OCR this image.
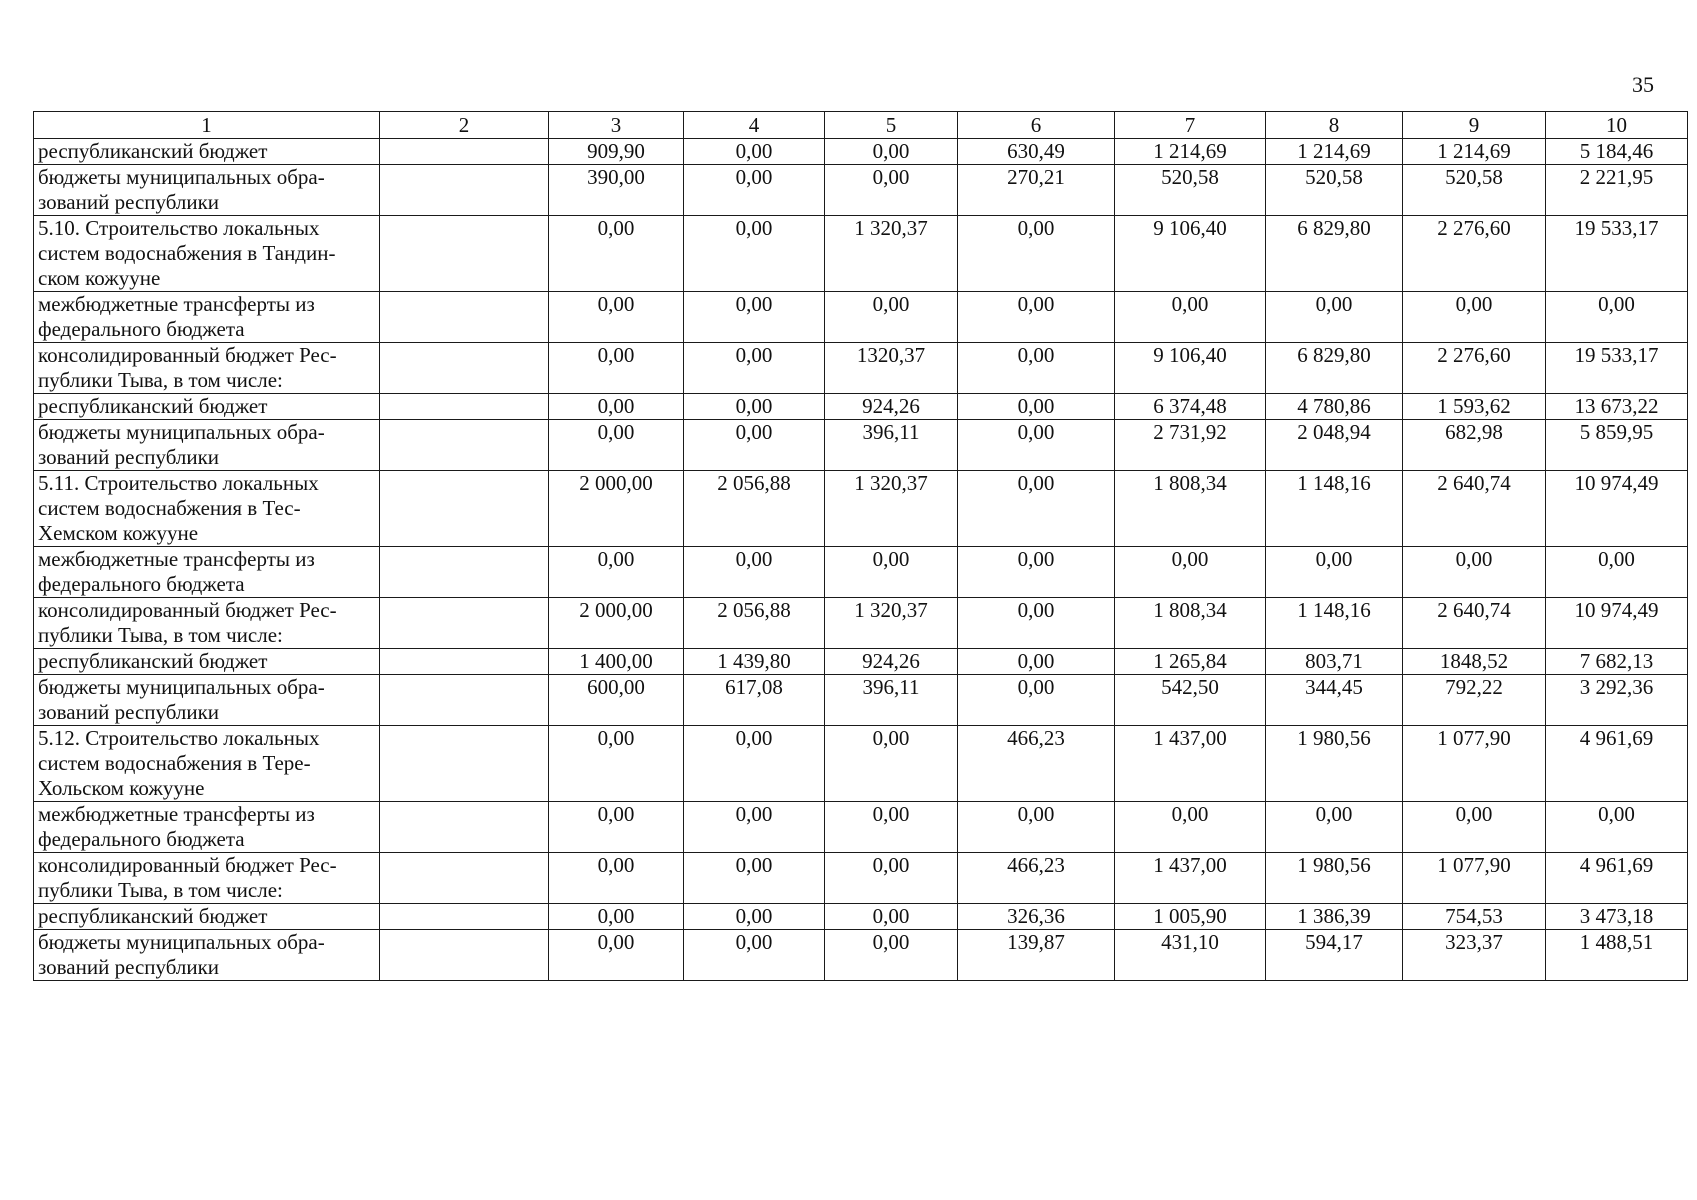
35
1	2	3	4	5	6	7	8	9	10
республиканский бюджет		909,90	0,00	0,00	630,49	1 214,69	1 214,69	1 214,69	5 184,46
бюджеты муниципальных обра-зований республики		390,00	0,00	0,00	270,21	520,58	520,58	520,58	2 221,95
5.10. Строительство локальных систем водоснабжения в Тандин-ском кожууне		0,00	0,00	1 320,37	0,00	9 106,40	6 829,80	2 276,60	19 533,17
межбюджетные трансферты из федерального бюджета		0,00	0,00	0,00	0,00	0,00	0,00	0,00	0,00
консолидированный бюджет Рес-публики Тыва, в том числе:		0,00	0,00	1320,37	0,00	9 106,40	6 829,80	2 276,60	19 533,17
республиканский бюджет		0,00	0,00	924,26	0,00	6 374,48	4 780,86	1 593,62	13 673,22
бюджеты муниципальных обра-зований республики		0,00	0,00	396,11	0,00	2 731,92	2 048,94	682,98	5 859,95
5.11. Строительство локальных систем водоснабжения в Тес-Хемском кожууне		2 000,00	2 056,88	1 320,37	0,00	1 808,34	1 148,16	2 640,74	10 974,49
межбюджетные трансферты из федерального бюджета		0,00	0,00	0,00	0,00	0,00	0,00	0,00	0,00
консолидированный бюджет Рес-публики Тыва, в том числе:		2 000,00	2 056,88	1 320,37	0,00	1 808,34	1 148,16	2 640,74	10 974,49
республиканский бюджет		1 400,00	1 439,80	924,26	0,00	1 265,84	803,71	1848,52	7 682,13
бюджеты муниципальных обра-зований республики		600,00	617,08	396,11	0,00	542,50	344,45	792,22	3 292,36
5.12. Строительство локальных систем водоснабжения в Тере-Хольском кожууне		0,00	0,00	0,00	466,23	1 437,00	1 980,56	1 077,90	4 961,69
межбюджетные трансферты из федерального бюджета		0,00	0,00	0,00	0,00	0,00	0,00	0,00	0,00
консолидированный бюджет Рес-публики Тыва, в том числе:		0,00	0,00	0,00	466,23	1 437,00	1 980,56	1 077,90	4 961,69
республиканский бюджет		0,00	0,00	0,00	326,36	1 005,90	1 386,39	754,53	3 473,18
бюджеты муниципальных обра-зований республики		0,00	0,00	0,00	139,87	431,10	594,17	323,37	1 488,51
